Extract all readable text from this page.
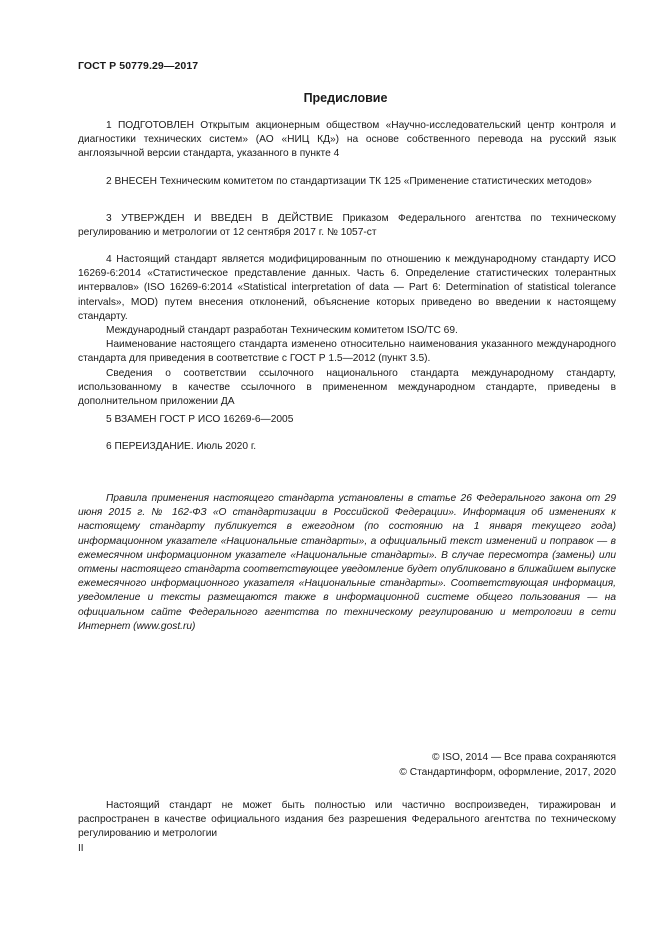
ГОСТ Р 50779.29—2017
Предисловие

1 ПОДГОТОВЛЕН Открытым акционерным обществом «Научно-исследовательский центр контроля и диагностики технических систем» (АО «НИЦ КД») на основе собственного перевода на русский язык англоязычной версии стандарта, указанного в пункте 4

2 ВНЕСЕН Техническим комитетом по стандартизации ТК 125 «Применение статистических методов»

3 УТВЕРЖДЕН И ВВЕДЕН В ДЕЙСТВИЕ Приказом Федерального агентства по техническому регулированию и метрологии от 12 сентября 2017 г. № 1057-ст

4 Настоящий стандарт является модифицированным по отношению к международному стандарту ИСО 16269-6:2014 «Статистическое представление данных. Часть 6. Определение статистических толерантных интервалов» (ISO 16269-6:2014 «Statistical interpretation of data — Part 6: Determination of statistical tolerance intervals», MOD) путем внесения отклонений, объяснение которых приведено во введении к настоящему стандарту.

Международный стандарт разработан Техническим комитетом ISO/TC 69.

Наименование настоящего стандарта изменено относительно наименования указанного международного стандарта для приведения в соответствие с ГОСТ Р 1.5—2012 (пункт 3.5).

Сведения о соответствии ссылочного национального стандарта международному стандарту, использованному в качестве ссылочного в примененном международном стандарте, приведены в дополнительном приложении ДА

5 ВЗАМЕН ГОСТ Р ИСО 16269-6—2005

6 ПЕРЕИЗДАНИЕ. Июль 2020 г.

Правила применения настоящего стандарта установлены в статье 26 Федерального закона от 29 июня 2015 г. № 162-ФЗ «О стандартизации в Российской Федерации». Информация об изменениях к настоящему стандарту публикуется в ежегодном (по состоянию на 1 января текущего года) информационном указателе «Национальные стандарты», а официальный текст изменений и поправок — в ежемесячном информационном указателе «Национальные стандарты». В случае пересмотра (замены) или отмены настоящего стандарта соответствующее уведомление будет опубликовано в ближайшем выпуске ежемесячного информационного указателя «Национальные стандарты». Соответствующая информация, уведомление и тексты размещаются также в информационной системе общего пользования — на официальном сайте Федерального агентства по техническому регулированию и метрологии в сети Интернет (www.gost.ru)

© ISO, 2014 — Все права сохраняются
© Стандартинформ, оформление, 2017, 2020

Настоящий стандарт не может быть полностью или частично воспроизведен, тиражирован и распространен в качестве официального издания без разрешения Федерального агентства по техническому регулированию и метрологии

II
